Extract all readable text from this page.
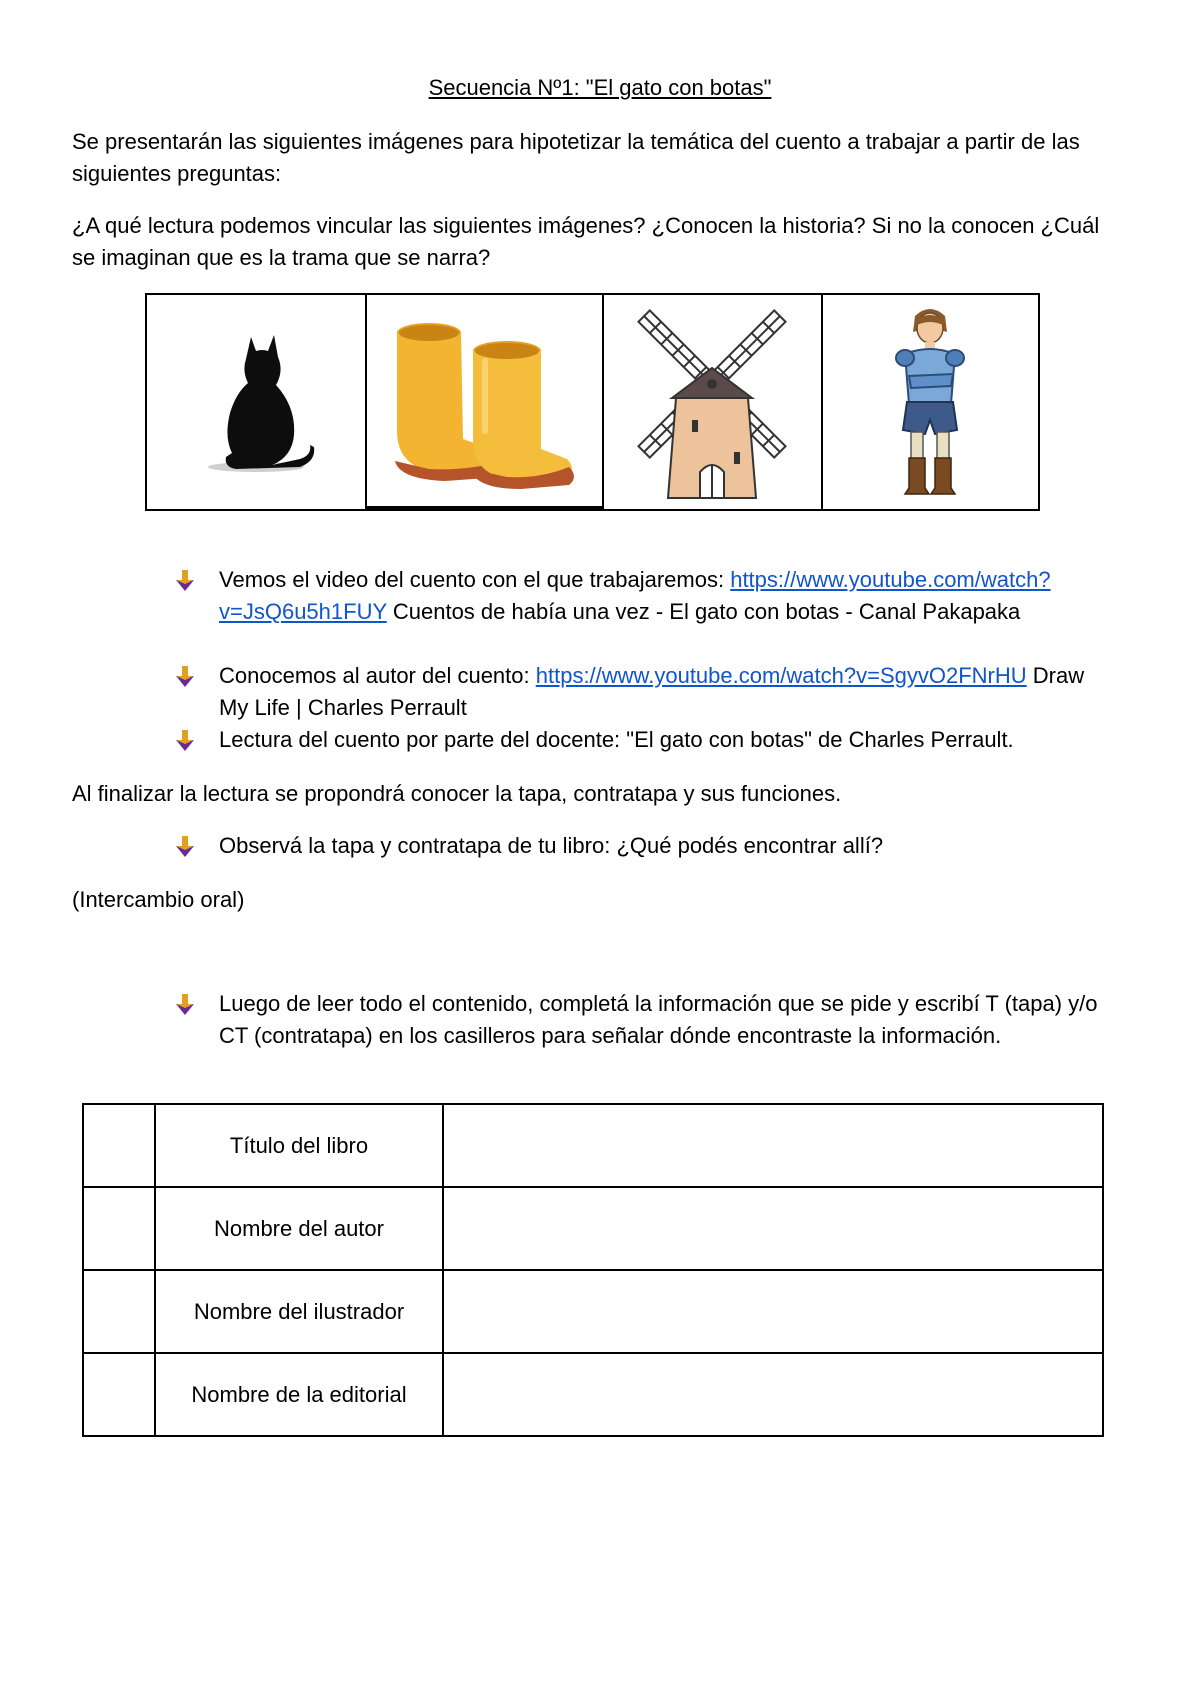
Secuencia Nº1: "El gato con botas"
Se presentarán las siguientes imágenes para hipotetizar la temática del cuento a trabajar a partir de las siguientes preguntas:
¿A qué lectura podemos vincular las siguientes imágenes? ¿Conocen la historia? Si no la conocen ¿Cuál se imaginan que es la trama que se narra?
Vemos el video del cuento con el que trabajaremos: https://www.youtube.com/watch?v=JsQ6u5h1FUY Cuentos de había una vez - El gato con botas - Canal Pakapaka
Conocemos al autor del cuento: https://www.youtube.com/watch?v=SgyvO2FNrHU Draw My Life | Charles Perrault
Lectura del cuento por parte del docente: "El gato con botas" de Charles Perrault.
Al finalizar la lectura se propondrá conocer la tapa, contratapa y sus funciones.
Observá la tapa y contratapa de tu libro: ¿Qué podés encontrar allí?
(Intercambio oral)
Luego de leer todo el contenido, completá la información que se pide y escribí T (tapa) y/o CT (contratapa) en los casilleros para señalar dónde encontraste la información.
	Título del libro	
	Nombre del autor	
	Nombre del ilustrador	
	Nombre de la editorial	
